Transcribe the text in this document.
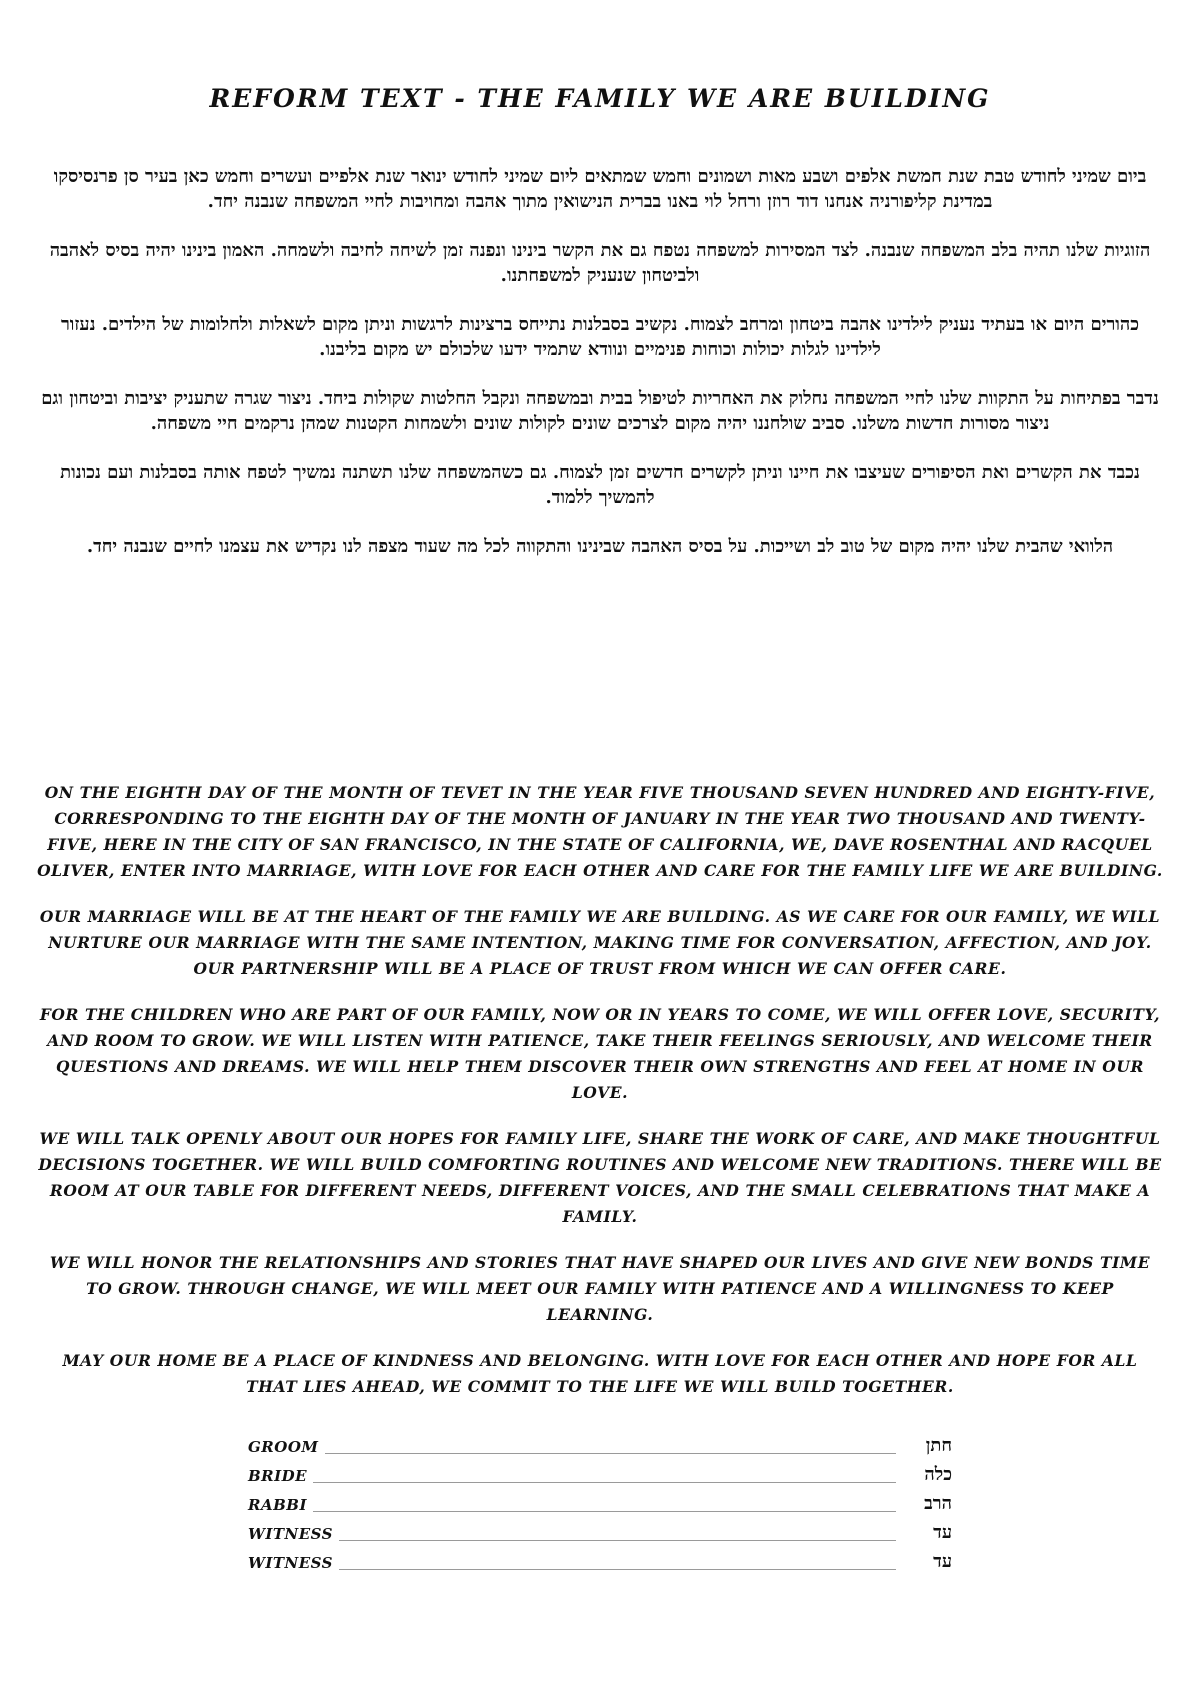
REFORM TEXT - THE FAMILY WE ARE BUILDING

ביום שמיני לחודש טבת שנת חמשת אלפים ושבע מאות ושמונים וחמש שמתאים ליום שמיני לחודש ינואר שנת אלפיים ועשרים וחמש כאן בעיר סן פרנסיסקו במדינת קליפורניה אנחנו דוד רוזן ורחל לוי באנו בברית הנישואין מתוך אהבה ומחויבות לחיי המשפחה שנבנה יחד.

הזוגיות שלנו תהיה בלב המשפחה שנבנה. לצד המסירות למשפחה נטפח גם את הקשר בינינו ונפנה זמן לשיחה לחיבה ולשמחה. האמון בינינו יהיה בסיס לאהבה ולביטחון שנעניק למשפחתנו.

כהורים היום או בעתיד נעניק לילדינו אהבה ביטחון ומרחב לצמוח. נקשיב בסבלנות נתייחס ברצינות לרגשות וניתן מקום לשאלות ולחלומות של הילדים. נעזור לילדינו לגלות יכולות וכוחות פנימיים ונוודא שתמיד ידעו שלכולם יש מקום בליבנו.

נדבר בפתיחות על התקוות שלנו לחיי המשפחה נחלוק את האחריות לטיפול בבית ובמשפחה ונקבל החלטות שקולות ביחד. ניצור שגרה שתעניק יציבות וביטחון וגם ניצור מסורות חדשות משלנו. סביב שולחננו יהיה מקום לצרכים שונים לקולות שונים ולשמחות הקטנות שמהן נרקמים חיי משפחה.

נכבד את הקשרים ואת הסיפורים שעיצבו את חיינו וניתן לקשרים חדשים זמן לצמוח. גם כשהמשפחה שלנו תשתנה נמשיך לטפח אותה בסבלנות ועם נכונות להמשיך ללמוד.

הלוואי שהבית שלנו יהיה מקום של טוב לב ושייכות. על בסיס האהבה שבינינו והתקווה לכל מה שעוד מצפה לנו נקדיש את עצמנו לחיים שנבנה יחד.

ON THE EIGHTH DAY OF THE MONTH OF TEVET IN THE YEAR FIVE THOUSAND SEVEN HUNDRED AND EIGHTY-FIVE, CORRESPONDING TO THE EIGHTH DAY OF THE MONTH OF JANUARY IN THE YEAR TWO THOUSAND AND TWENTY-FIVE, HERE IN THE CITY OF SAN FRANCISCO, IN THE STATE OF CALIFORNIA, WE, DAVE ROSENTHAL AND RACQUEL OLIVER, ENTER INTO MARRIAGE, WITH LOVE FOR EACH OTHER AND CARE FOR THE FAMILY LIFE WE ARE BUILDING.

OUR MARRIAGE WILL BE AT THE HEART OF THE FAMILY WE ARE BUILDING. AS WE CARE FOR OUR FAMILY, WE WILL NURTURE OUR MARRIAGE WITH THE SAME INTENTION, MAKING TIME FOR CONVERSATION, AFFECTION, AND JOY. OUR PARTNERSHIP WILL BE A PLACE OF TRUST FROM WHICH WE CAN OFFER CARE.

FOR THE CHILDREN WHO ARE PART OF OUR FAMILY, NOW OR IN YEARS TO COME, WE WILL OFFER LOVE, SECURITY, AND ROOM TO GROW. WE WILL LISTEN WITH PATIENCE, TAKE THEIR FEELINGS SERIOUSLY, AND WELCOME THEIR QUESTIONS AND DREAMS. WE WILL HELP THEM DISCOVER THEIR OWN STRENGTHS AND FEEL AT HOME IN OUR LOVE.

WE WILL TALK OPENLY ABOUT OUR HOPES FOR FAMILY LIFE, SHARE THE WORK OF CARE, AND MAKE THOUGHTFUL DECISIONS TOGETHER. WE WILL BUILD COMFORTING ROUTINES AND WELCOME NEW TRADITIONS. THERE WILL BE ROOM AT OUR TABLE FOR DIFFERENT NEEDS, DIFFERENT VOICES, AND THE SMALL CELEBRATIONS THAT MAKE A FAMILY.

WE WILL HONOR THE RELATIONSHIPS AND STORIES THAT HAVE SHAPED OUR LIVES AND GIVE NEW BONDS TIME TO GROW. THROUGH CHANGE, WE WILL MEET OUR FAMILY WITH PATIENCE AND A WILLINGNESS TO KEEP LEARNING.

MAY OUR HOME BE A PLACE OF KINDNESS AND BELONGING. WITH LOVE FOR EACH OTHER AND HOPE FOR ALL THAT LIES AHEAD, WE COMMIT TO THE LIFE WE WILL BUILD TOGETHER.

GROOM	חתן
BRIDE	כלה
RABBI	הרב
WITNESS	עד
WITNESS	עד
